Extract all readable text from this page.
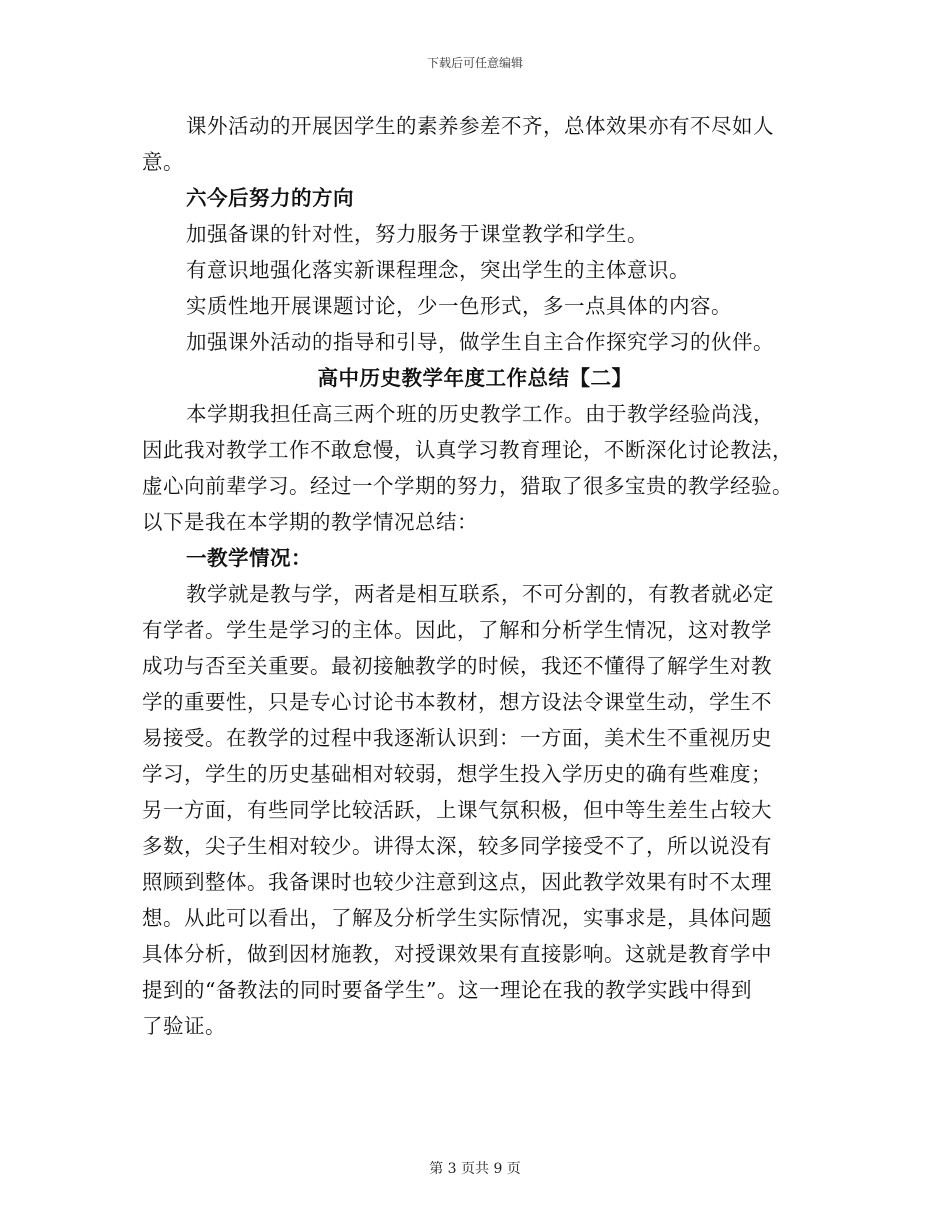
下载后可任意编辑
课外活动的开展因学生的素养参差不齐，总体效果亦有不尽如人
意。
六今后努力的方向
加强备课的针对性，努力服务于课堂教学和学生。
有意识地强化落实新课程理念，突出学生的主体意识。
实质性地开展课题讨论，少一色形式，多一点具体的内容。
加强课外活动的指导和引导，做学生自主合作探究学习的伙伴。
高中历史教学年度工作总结【二】
本学期我担任高三两个班的历史教学工作。由于教学经验尚浅，
因此我对教学工作不敢怠慢，认真学习教育理论，不断深化讨论教法，
虚心向前辈学习。经过一个学期的努力，猎取了很多宝贵的教学经验。
以下是我在本学期的教学情况总结：
一教学情况：
教学就是教与学，两者是相互联系，不可分割的，有教者就必定
有学者。学生是学习的主体。因此，了解和分析学生情况，这对教学
成功与否至关重要。最初接触教学的时候，我还不懂得了解学生对教
学的重要性，只是专心讨论书本教材，想方设法令课堂生动，学生不
易接受。在教学的过程中我逐渐认识到：一方面，美术生不重视历史
学习，学生的历史基础相对较弱，想学生投入学历史的确有些难度；
另一方面，有些同学比较活跃，上课气氛积极，但中等生差生占较大
多数，尖子生相对较少。讲得太深，较多同学接受不了，所以说没有
照顾到整体。我备课时也较少注意到这点，因此教学效果有时不太理
想。从此可以看出，了解及分析学生实际情况，实事求是，具体问题
具体分析，做到因材施教，对授课效果有直接影响。这就是教育学中
提到的“备教法的同时要备学生”。这一理论在我的教学实践中得到
了验证。
第 3 页共 9 页
